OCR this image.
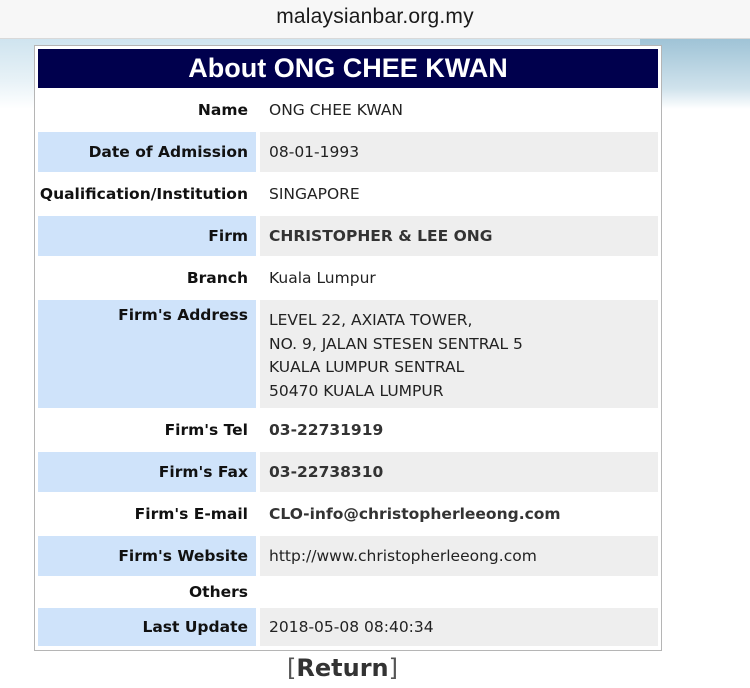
malaysianbar.org.my
About ONG CHEE KWAN
Name	ONG CHEE KWAN
Date of Admission	08-01-1993
Qualification/Institution	SINGAPORE
Firm	CHRISTOPHER & LEE ONG
Branch	Kuala Lumpur
Firm's Address	LEVEL 22, AXIATA TOWER,
NO. 9, JALAN STESEN SENTRAL 5
KUALA LUMPUR SENTRAL
50470 KUALA LUMPUR
Firm's Tel	03-22731919
Firm's Fax	03-22738310
Firm's E-mail	CLO-info@christopherleeong.com
Firm's Website	http://www.christopherleeong.com
Others
Last Update	2018-05-08 08:40:34
[Return]
